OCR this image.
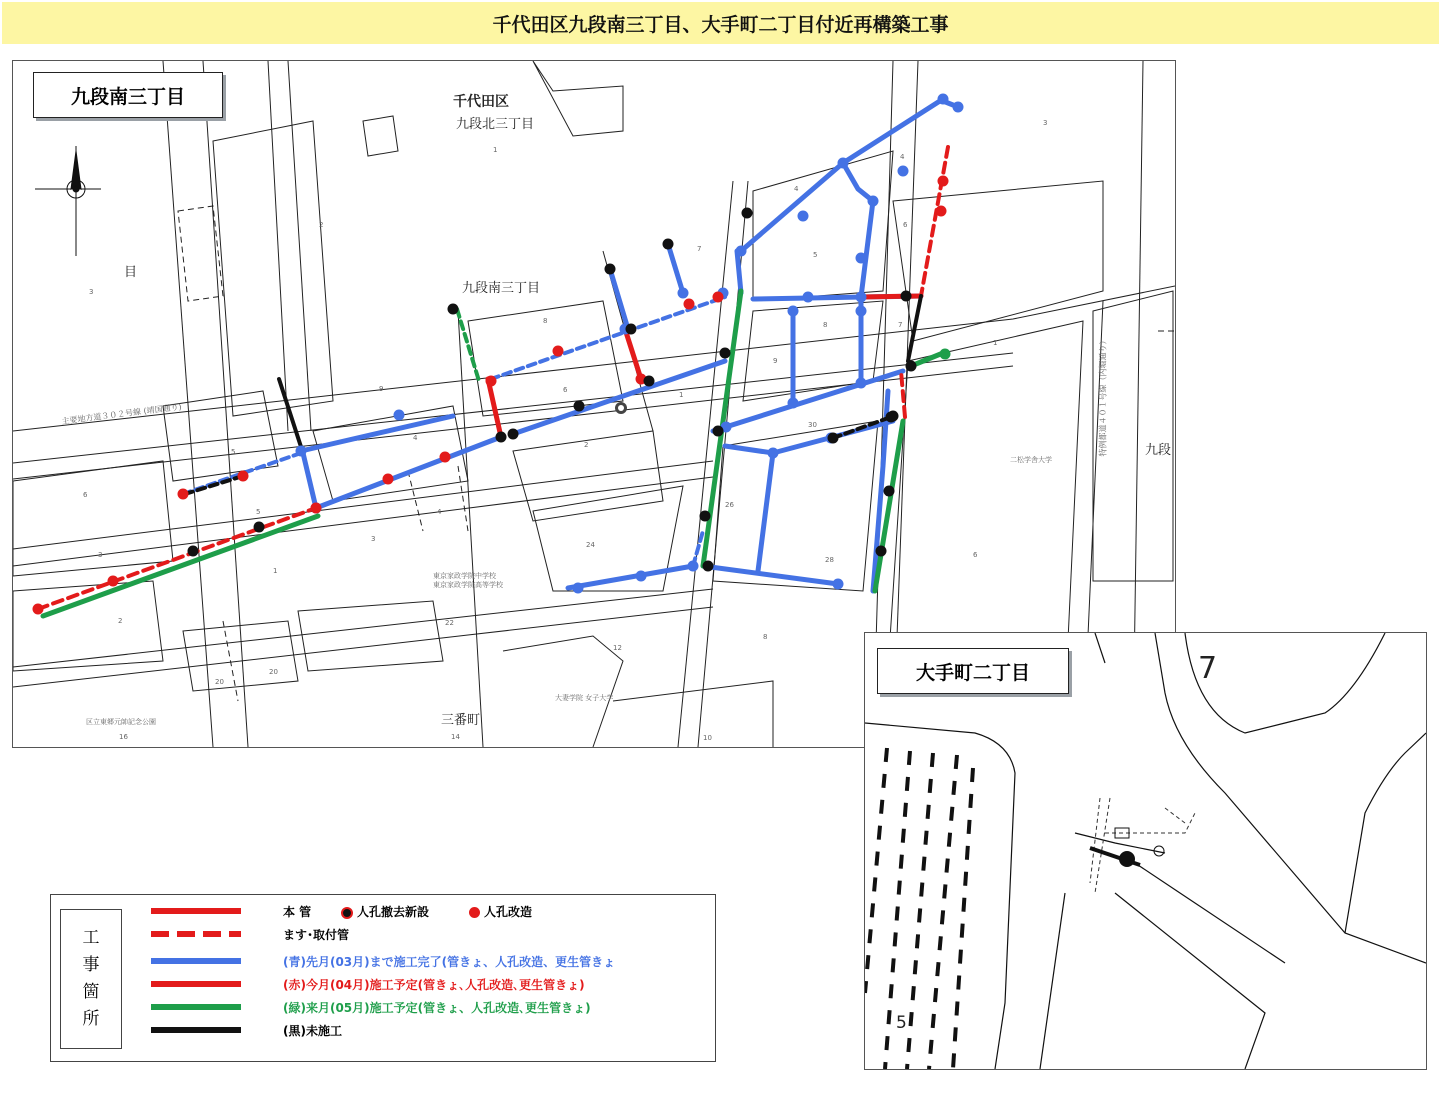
千代田区九段南三丁目、大手町二丁目付近再構築工事
九段南三丁目	千代田区
九段北三丁目
九段南三丁目
三番町
九段
目
主要地方道３０２号線 (靖国通り)	特例都道４０１号線（内堀通り）
東京家政学院中学校
東京家政学院高等学校
大妻学院 女子大学
二松学舎大学
区立東郷元帥記念公園
1
2
3
4
5
6
7
8
9
2
3
4
5
6
3
2
1
20
20
22
14
16
24
26
28
30
4
4
5
6
7
8
9
1
12
10
8
6
3
1
大手町二丁目	7
5
工
事
箇
所
本 管	人孔撤去新設	人孔改造
ます･取付管
(青)先月(03月)まで施工完了(管きょ、人孔改造、更生管きょ
(赤)今月(04月)施工予定(管きょ､人孔改造､更生管きょ)
(緑)来月(05月)施工予定(管きょ、人孔改造､更生管きょ)
(黒)未施工
